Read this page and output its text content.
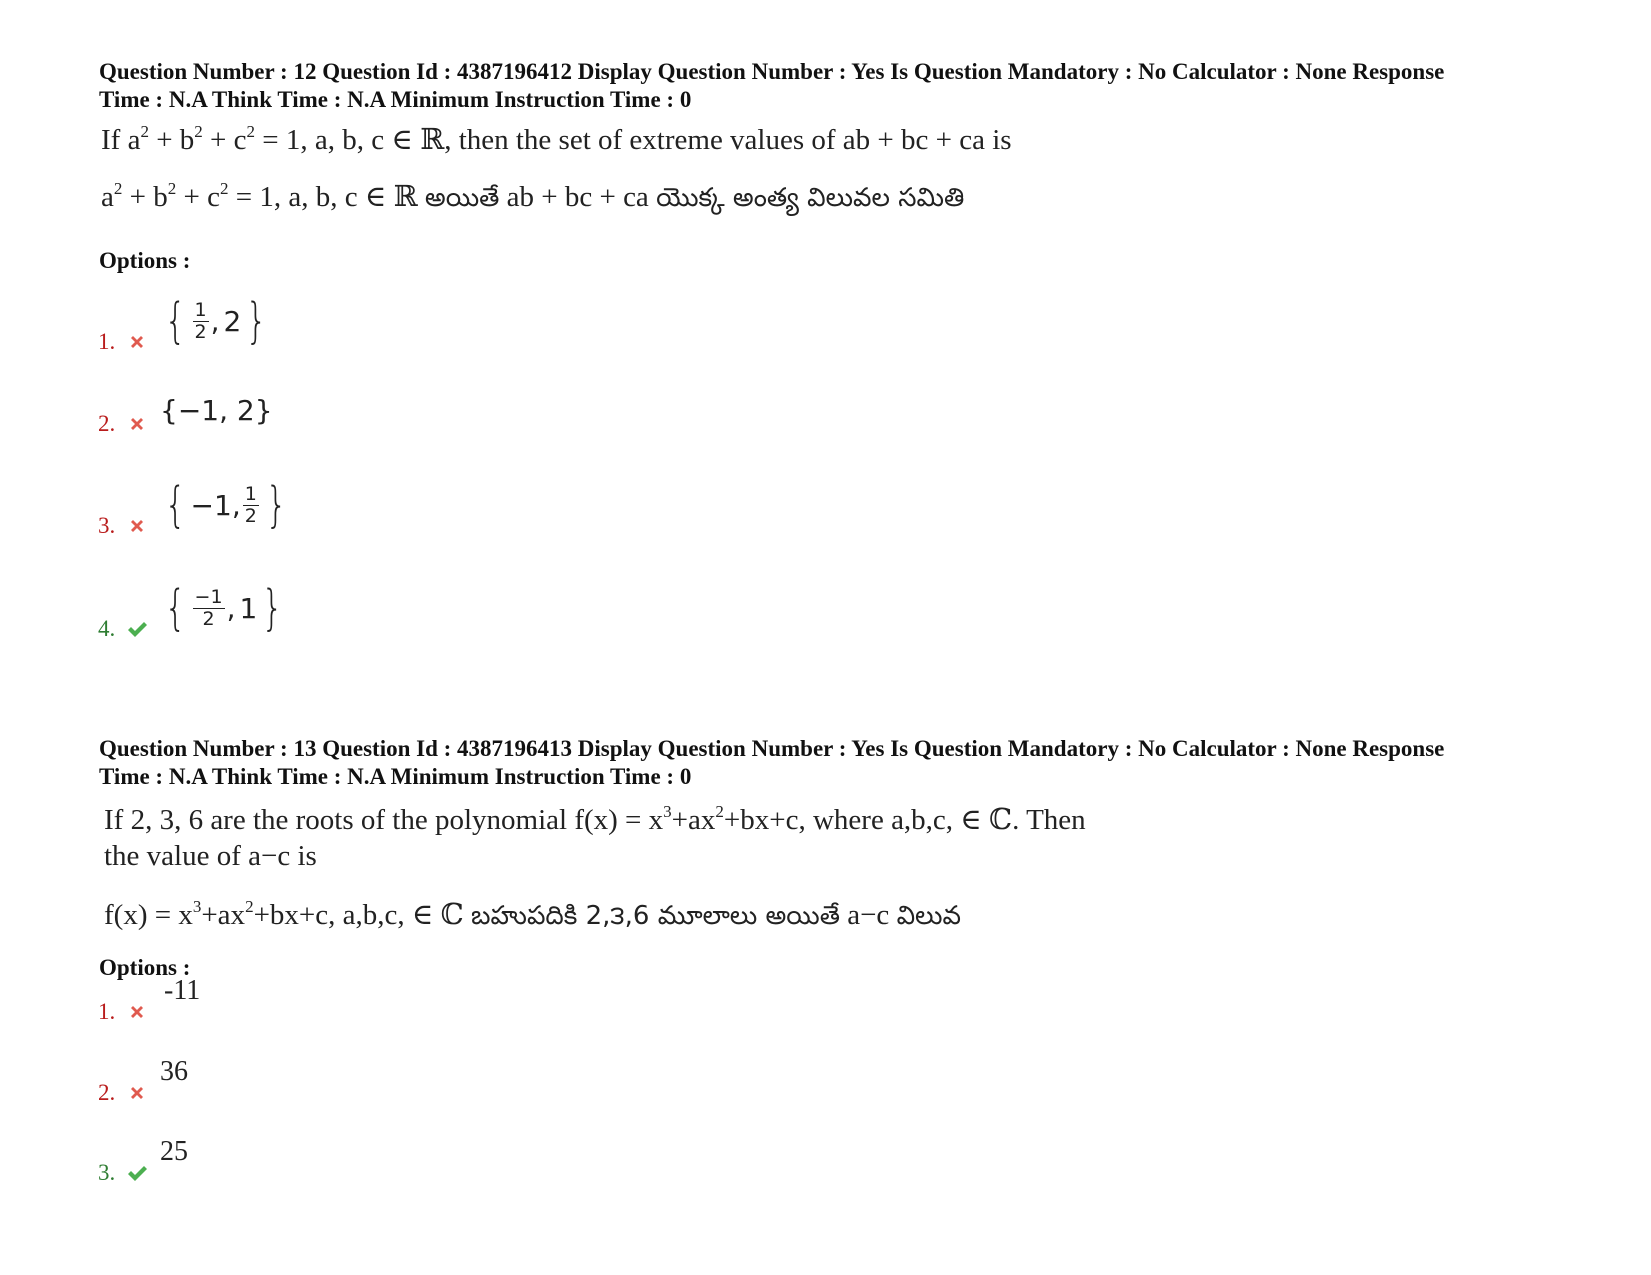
Question Number : 12 Question Id : 4387196412 Display Question Number : Yes Is Question Mandatory : No Calculator : None Response
Time : N.A Think Time : N.A Minimum Instruction Time : 0
If $a^2 + b^2 + c^2 = 1$, a, b, c ∈ ℝ, then the set of extreme values of ab + bc + ca is
$a^2 + b^2 + c^2 = 1$, a, b, c ∈ ℝ అయితే ab + bc + ca యొక్క అంత్య విలువల సమితి
Options :
1. { $\frac{1}{2}$ , 2 }
2. {−1, 2}
3. { −1, $\frac{1}{2}$ }
4. { $\frac{-1}{2}$ , 1 }
Question Number : 13 Question Id : 4387196413 Display Question Number : Yes Is Question Mandatory : No Calculator : None Response
Time : N.A Think Time : N.A Minimum Instruction Time : 0
If 2, 3, 6 are the roots of the polynomial $f(x) = x^3+ax^2+bx+c$, where a,b,c, ∈ ℂ. Then
the value of a−c is
$f(x) = x^3+ax^2+bx+c$, a,b,c, ∈ ℂ బహుపదికి 2,౩,6 మూలాలు అయితే a−c విలువ
Options :
1.
-11
2.
36
3.
25
